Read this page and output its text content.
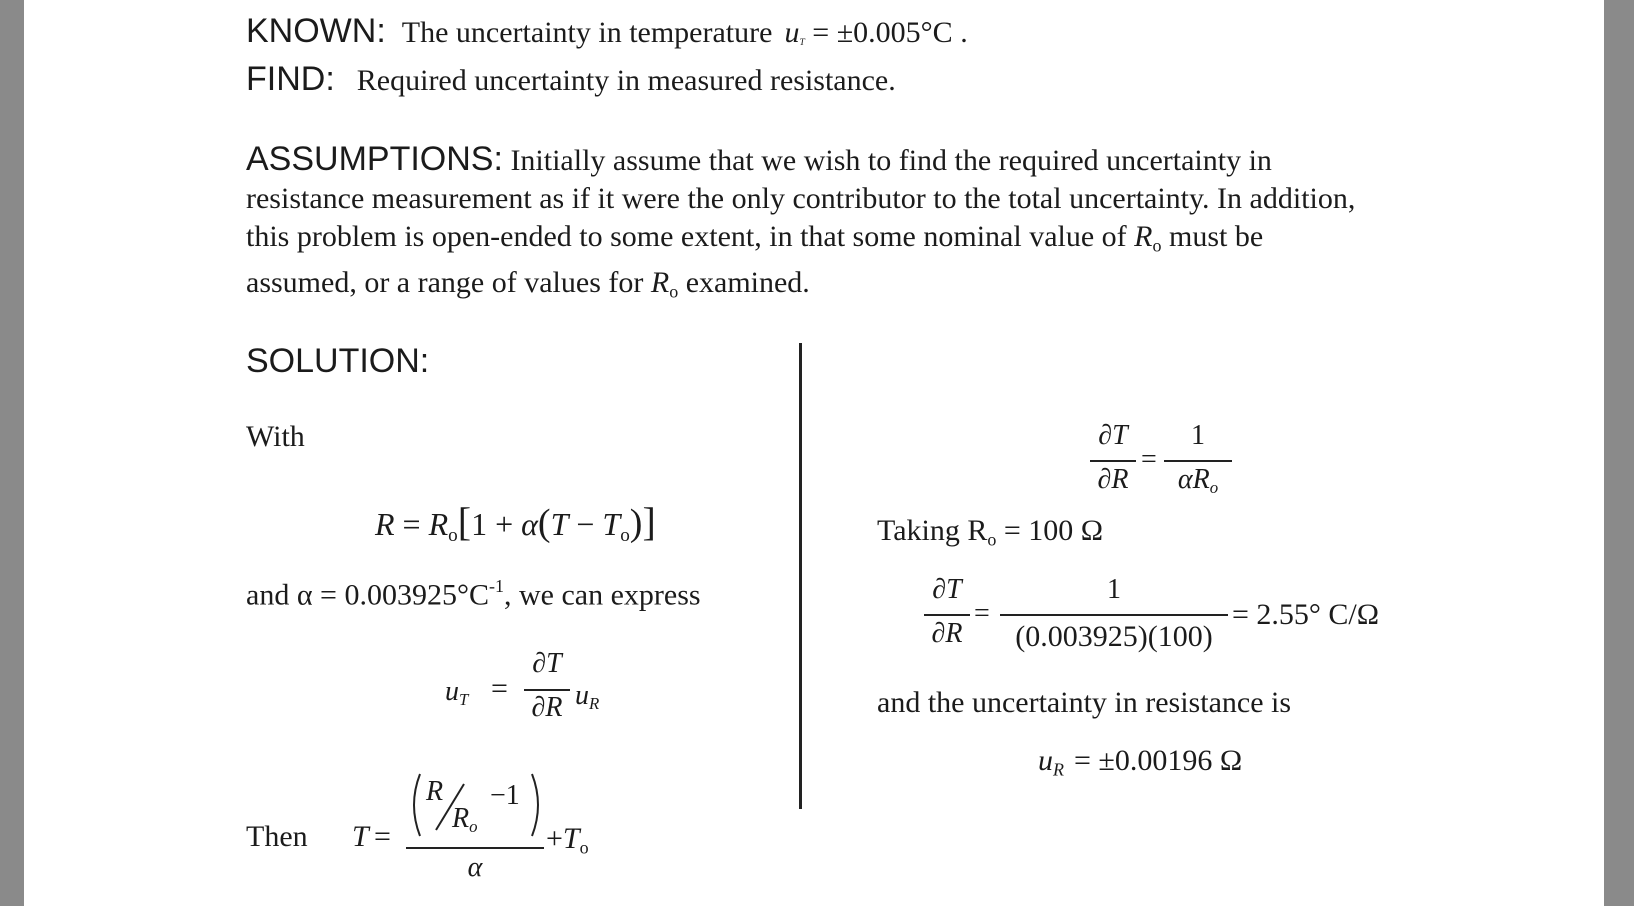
KNOWN: The uncertainty in temperature $u_T = \pm 0.005^\circ C$ .
FIND: Required uncertainty in measured resistance.
ASSUMPTIONS: Initially assume that we wish to find the required uncertainty in resistance measurement as if it were the only contributor to the total uncertainty. In addition, this problem is open-ended to some extent, in that some nominal value of $R_o$ must be assumed, or a range of values for $R_o$ examined.
SOLUTION:
With
$R = R_o[1 + \alpha(T - T_o)]$
and $\alpha = 0.003925^\circ C^{-1}$, we can express
$u_T$ =
∂T
∂R $u_R$
Then T =
R
$R_o$
−1
α
$+T_o$
∂T
∂R
=
1
$\alpha R_o$
Taking $R_o = 100$ Ω
∂T
∂R
=
1
(0.003925)(100)
= 2.55° C/Ω
and the uncertainty in resistance is
$u_R = \pm 0.00196$ Ω
